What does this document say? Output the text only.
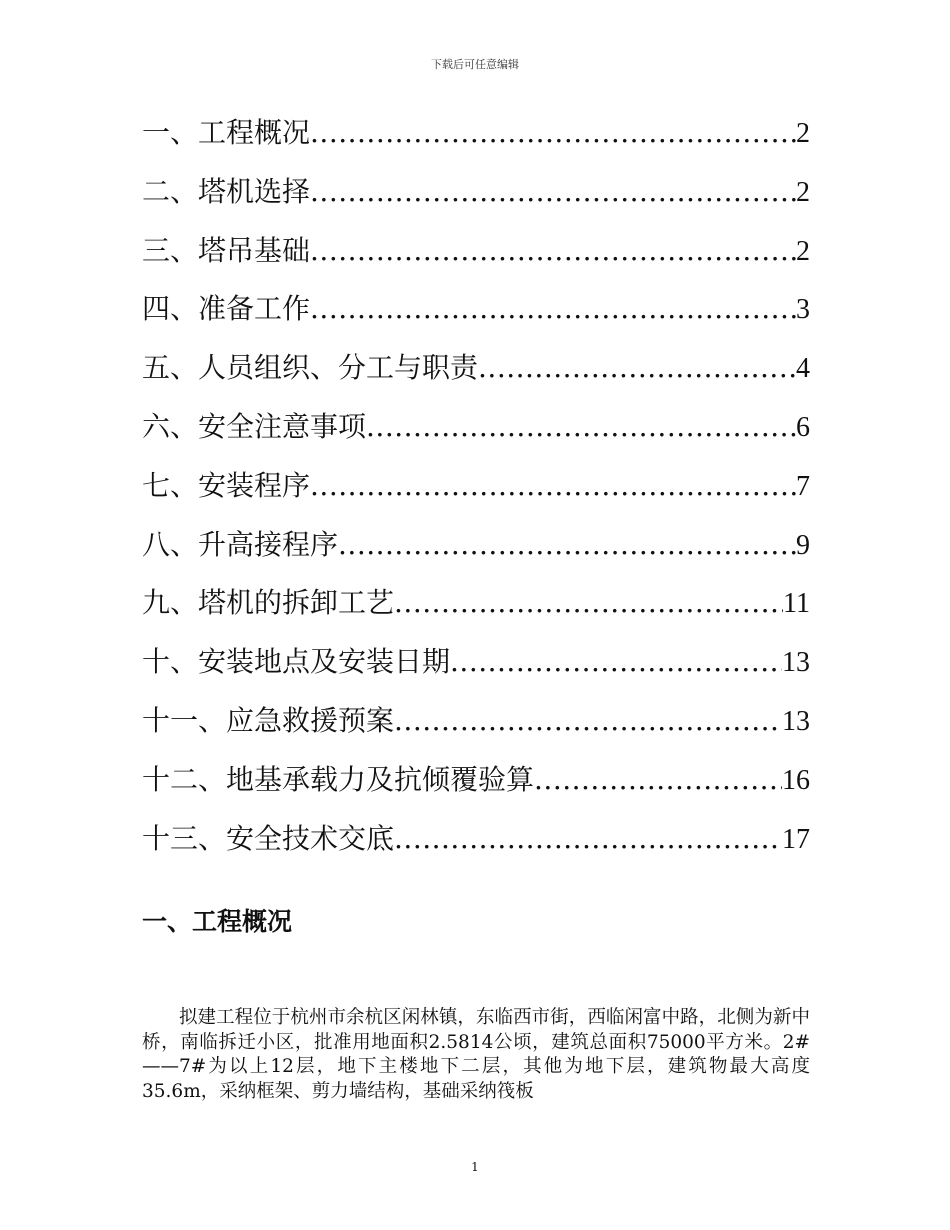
下载后可任意编辑
一、工程概况 .....	2
二、塔机选择 .....	2
三、塔吊基础 .....	2
四、准备工作 .....	3
五、人员组织、分工与职责 .....	4
六、安全注意事项 .....	6
七、安装程序 .....	7
八、升高接程序 .....	9
九、塔机的拆卸工艺 .....	11
十、安装地点及安装日期 .....	13
十一、应急救援预案 .....	13
十二、地基承载力及抗倾覆验算 .....	16
十三、安全技术交底 .....	17
一、工程概况

拟建工程位于杭州市余杭区闲林镇，东临西市街，西临闲富中路，北侧为新中桥，南临拆迁小区，批准用地面积2.5814公顷，建筑总面积75000平方米。2#——7#为以上12层，地下主楼地下二层，其他为地下层，建筑物最大高度35.6m，采纳框架、剪力墙结构，基础采纳筏板

1
